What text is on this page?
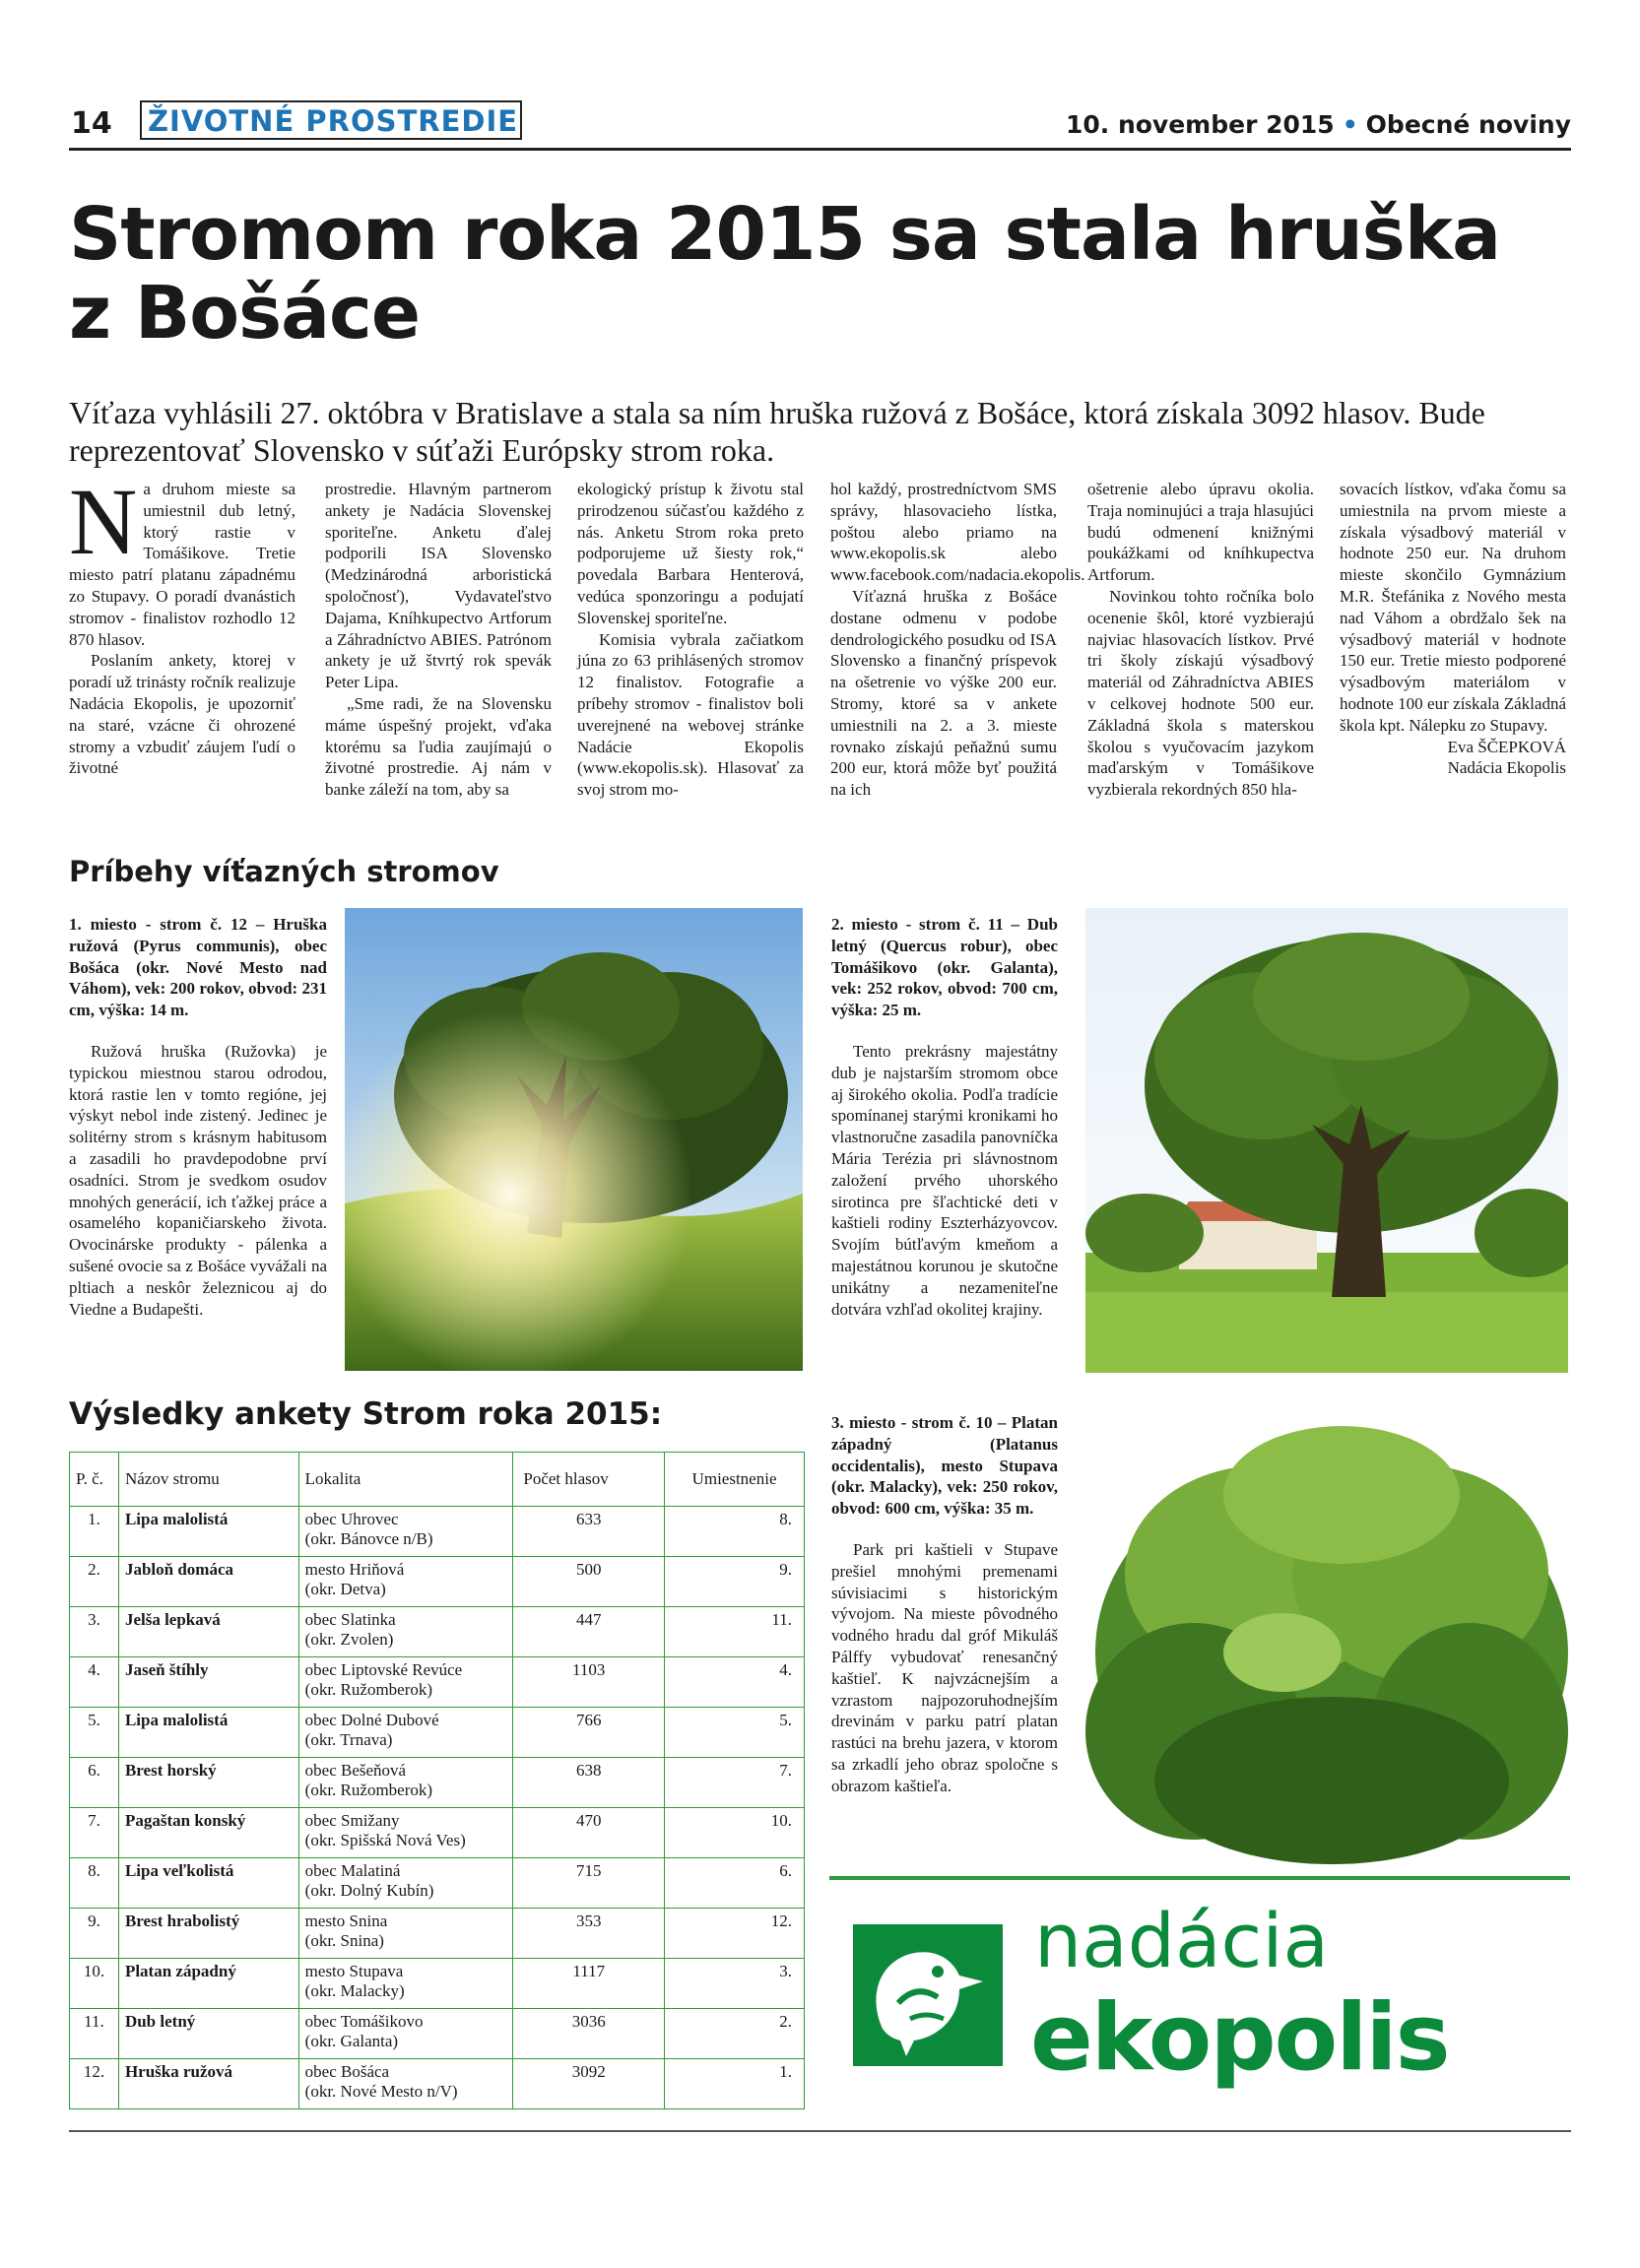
14 ŽIVOTNÉ PROSTREDIE	10. november 2015 • Obecné noviny
Stromom roka 2015 sa stala hruška
z Bošáce
Víťaza vyhlásili 27. októbra v Bratislave a stala sa ním hruška ružová z Bošáce, ktorá získala 3092 hlasov. Bude reprezentovať Slovensko v súťaži Európsky strom roka.
N a druhom mieste sa umiestnil dub letný, ktorý rastie v Tomášikove. Tretie miesto patrí platanu západnému zo Stupavy. O poradí dvanástich stromov - finalistov rozhodlo 12 870 hlasov.

Poslaním ankety, ktorej v poradí už trinásty ročník realizuje Nadácia Ekopolis, je upozorniť na staré, vzácne či ohrozené stromy a vzbudiť záujem ľudí o životné

prostredie. Hlavným partnerom ankety je Nadácia Slovenskej sporiteľne. Anketu ďalej podporili ISA Slovensko (Medzinárodná arboristická spoločnosť), Vydavateľstvo Dajama, Kníhkupectvo Artforum a Záhradníctvo ABIES. Patrónom ankety je už štvrtý rok spevák Peter Lipa.

„Sme radi, že na Slovensku máme úspešný projekt, vďaka ktorému sa ľudia zaujímajú o životné prostredie. Aj nám v banke záleží na tom, aby sa

ekologický prístup k životu stal prirodzenou súčasťou každého z nás. Anketu Strom roka preto podporujeme už šiesty rok,“ povedala Barbara Henterová, vedúca sponzoringu a podujatí Slovenskej sporiteľne.

Komisia vybrala začiatkom júna zo 63 prihlásených stromov 12 finalistov. Fotografie a príbehy stromov - finalistov boli uverejnené na webovej stránke Nadácie Ekopolis (www.ekopolis.sk). Hlasovať za svoj strom mo-

hol každý, prostredníctvom SMS správy, hlasovacieho lístka, poštou alebo priamo na www.ekopolis.sk alebo www.facebook.com/nadacia.ekopolis.

Víťazná hruška z Bošáce dostane odmenu v podobe dendrologického posudku od ISA Slovensko a finančný príspevok na ošetrenie vo výške 200 eur. Stromy, ktoré sa v ankete umiestnili na 2. a 3. mieste rovnako získajú peňažnú sumu 200 eur, ktorá môže byť použitá na ich

ošetrenie alebo úpravu okolia. Traja nominujúci a traja hlasujúci budú odmenení knižnými poukážkami od kníhkupectva Artforum.

Novinkou tohto ročníka bolo ocenenie škôl, ktoré vyzbierajú najviac hlasovacích lístkov. Prvé tri školy získajú výsadbový materiál od Záhradníctva ABIES v celkovej hodnote 500 eur. Základná škola s materskou školou s vyučovacím jazykom maďarským v Tomášikove vyzbierala rekordných 850 hla-

sovacích lístkov, vďaka čomu sa umiestnila na prvom mieste a získala výsadbový materiál v hodnote 250 eur. Na druhom mieste skončilo Gymnázium M.R. Štefánika z Nového mesta nad Váhom a obrdžalo šek na výsadbový materiál v hodnote 150 eur. Tretie miesto podporené výsadbovým materiálom v hodnote 100 eur získala Základná škola kpt. Nálepku zo Stupavy.

Eva ŠČEPKOVÁ

Nadácia Ekopolis

Príbehy víťazných stromov
1. miesto - strom č. 12 – Hruška ružová (Pyrus communis), obec Bošáca (okr. Nové Mesto nad Váhom), vek: 200 rokov, obvod: 231 cm, výška: 14 m.
Ružová hruška (Ružovka) je typickou miestnou starou odrodou, ktorá rastie len v tomto regióne, jej výskyt nebol inde zistený. Jedinec je solitérny strom s krásnym habitusom a zasadili ho pravdepodobne prví osadníci. Strom je svedkom osudov mnohých generácií, ich ťažkej práce a osamelého kopaničiarskeho života. Ovocinárske produkty - pálenka a sušené ovocie sa z Bošáce vyvážali na pltiach a neskôr železnicou aj do Viedne a Budapešti.
2. miesto - strom č. 11 – Dub letný (Quercus robur), obec Tomášikovo (okr. Galanta), vek: 252 rokov, obvod: 700 cm, výška: 25 m.
Tento prekrásny majestátny dub je najstarším stromom obce aj širokého okolia. Podľa tradície spomínanej starými kronikami ho vlastnoručne zasadila panovníčka Mária Terézia pri slávnostnom založení prvého uhorského sirotinca pre šľachtické deti v kaštieli rodiny Eszterházyovcov. Svojím bútľavým kmeňom a majestátnou korunou je skutočne unikátny a nezameniteľne dotvára vzhľad okolitej krajiny.
3. miesto - strom č. 10 – Platan západný (Platanus occidentalis), mesto Stupava (okr. Malacky), vek: 250 rokov, obvod: 600 cm, výška: 35 m.
Park pri kaštieli v Stupave prešiel mnohými premenami súvisiacimi s historickým vývojom. Na mieste pôvodného vodného hradu dal gróf Mikuláš Pálffy vybudovať renesančný kaštieľ. K najvzácnejším a vzrastom najpozoruhodnejším drevinám v parku patrí platan rastúci na brehu jazera, v ktorom sa zrkadlí jeho obraz spoločne s obrazom kaštieľa.
Výsledky ankety Strom roka 2015:
P. č.	Názov stromu	Lokalita	Počet hlasov	Umiestnenie
1.	Lipa malolistá	obec Uhrovec
(okr. Bánovce n/B)	633	8.
2.	Jabloň domáca	mesto Hriňová
(okr. Detva)	500	9.
3.	Jelša lepkavá	obec Slatinka
(okr. Zvolen)	447	11.
4.	Jaseň štíhly	obec Liptovské Revúce
(okr. Ružomberok)	1103	4.
5.	Lipa malolistá	obec Dolné Dubové
(okr. Trnava)	766	5.
6.	Brest horský	obec Bešeňová
(okr. Ružomberok)	638	7.
7.	Pagaštan konský	obec Smižany
(okr. Spišská Nová Ves)	470	10.
8.	Lipa veľkolistá	obec Malatiná
(okr. Dolný Kubín)	715	6.
9.	Brest hrabolistý	mesto Snina
(okr. Snina)	353	12.
10.	Platan západný	mesto Stupava
(okr. Malacky)	1117	3.
11.	Dub letný	obec Tomášikovo
(okr. Galanta)	3036	2.
12.	Hruška ružová	obec Bošáca
(okr. Nové Mesto n/V)	3092	1.
nadácia
ekopolis
